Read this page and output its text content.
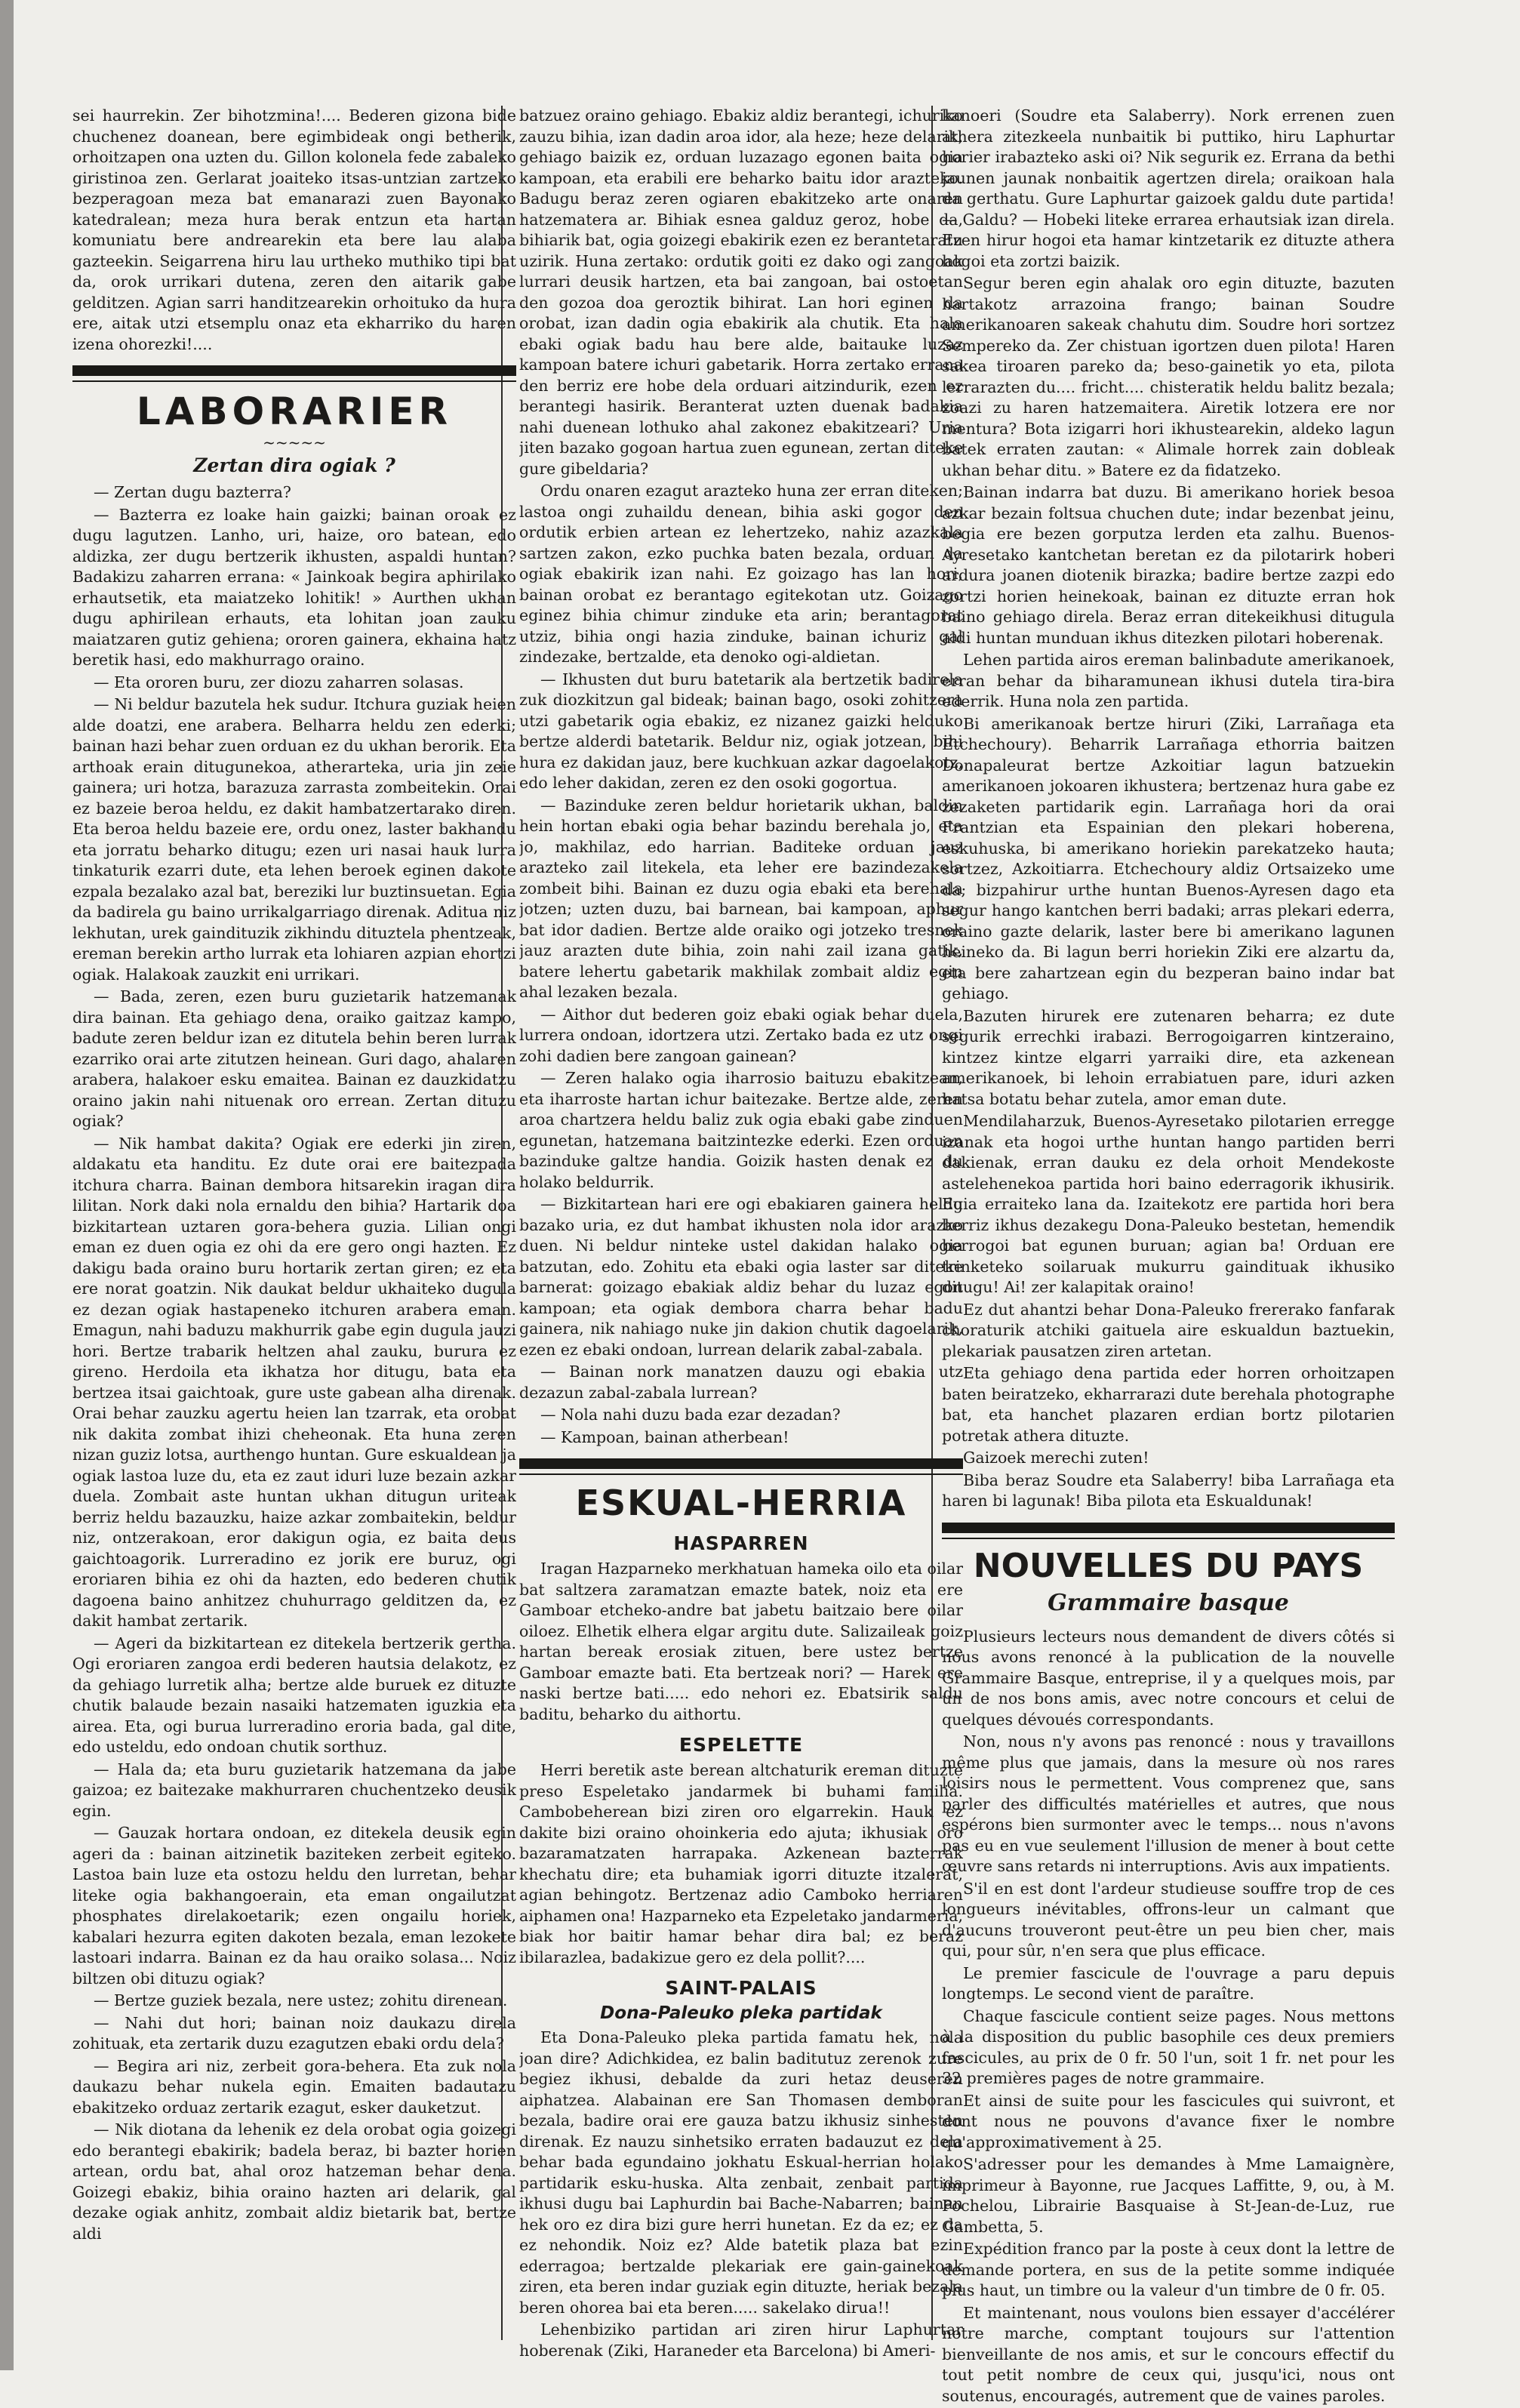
sei haurrekin. Zer bihotzmina!.... Bederen gizona bide chuchenez doanean, bere egimbideak ongi betherik, orhoitzapen ona uzten du. Gillon kolonela fede zabaleko giristinoa zen. Gerlarat joaiteko itsas-untzian zartzeko bezperagoan meza bat emanarazi zuen Bayonako katedralean; meza hura berak entzun eta hartan komuniatu bere andrearekin eta bere lau alaba gazteekin. Seigarrena hiru lau urtheko muthiko tipi bat da, orok urrikari dutena, zeren den aitarik gabe gelditzen. Agian sarri handitzearekin orhoituko da hura ere, aitak utzi etsemplu onaz eta ekharriko du haren izena ohorezki!....

LABORARIER
~~~~~
Zertan dira ogiak ?

— Zertan dugu bazterra?

— Bazterra ez loake hain gaizki; bainan oroak ez dugu lagutzen. Lanho, uri, haize, oro batean, edo aldizka, zer dugu bertzerik ikhusten, aspaldi huntan? Badakizu zaharren errana: « Jainkoak begira aphirilako erhautsetik, eta maiatzeko lohitik! » Aurthen ukhan dugu aphirilean erhauts, eta lohitan joan zauku maiatzaren gutiz gehiena; ororen gainera, ekhaina hatz beretik hasi, edo makhurrago oraino.

— Eta ororen buru, zer diozu zaharren solasas.

— Ni beldur bazutela hek sudur. Itchura guziak heien alde doatzi, ene arabera. Belharra heldu zen ederki; bainan hazi behar zuen orduan ez du ukhan berorik. Eta arthoak erain ditugunekoa, atherarteka, uria jin zeie gainera; uri hotza, barazuza zarrasta zombeitekin. Orai ez bazeie beroa heldu, ez dakit hambatzertarako diren. Eta beroa heldu bazeie ere, ordu onez, laster bakhandu eta jorratu beharko ditugu; ezen uri nasai hauk lurra tinkaturik ezarri dute, eta lehen beroek eginen dakote ezpala bezalako azal bat, bereziki lur buztinsuetan. Egia da badirela gu baino urrikalgarriago direnak. Aditua niz lekhutan, urek gaindituzik zikhindu dituztela phentzeak, ereman berekin artho lurrak eta lohiaren azpian ehortzi ogiak. Halakoak zauzkit eni urrikari.

— Bada, zeren, ezen buru guzietarik hatzemanak dira bainan. Eta gehiago dena, oraiko gaitzaz kampo, badute zeren beldur izan ez ditutela behin beren lurrak ezarriko orai arte zitutzen heinean. Guri dago, ahalaren arabera, halakoer esku emaitea. Bainan ez dauzkidatzu oraino jakin nahi nituenak oro errean. Zertan dituzu ogiak?

— Nik hambat dakita? Ogiak ere ederki jin ziren, aldakatu eta handitu. Ez dute orai ere baitezpada itchura charra. Bainan dembora hitsarekin iragan dira lilitan. Nork daki nola ernaldu den bihia? Hartarik doa bizkitartean uztaren gora-behera guzia. Lilian ongi eman ez duen ogia ez ohi da ere gero ongi hazten. Ez dakigu bada oraino buru hortarik zertan giren; ez eta ere norat goatzin. Nik daukat beldur ukhaiteko dugula ez dezan ogiak hastapeneko itchuren arabera eman. Emagun, nahi baduzu makhurrik gabe egin dugula jauzi hori. Bertze trabarik heltzen ahal zauku, burura ez gireno. Herdoila eta ikhatza hor ditugu, bata eta bertzea itsai gaichtoak, gure uste gabean alha direnak. Orai behar zauzku agertu heien lan tzarrak, eta orobat nik dakita zombat ihizi cheheonak. Eta huna zeren nizan guziz lotsa, aurthengo huntan. Gure eskualdean ja ogiak lastoa luze du, eta ez zaut iduri luze bezain azkar duela. Zombait aste huntan ukhan ditugun uriteak berriz heldu bazauzku, haize azkar zombaitekin, beldur niz, ontzerakoan, eror dakigun ogia, ez baita deus gaichtoagorik. Lurreradino ez jorik ere buruz, ogi eroriaren bihia ez ohi da hazten, edo bederen chutik dagoena baino anhitzez chuhurrago gelditzen da, ez dakit hambat zertarik.

— Ageri da bizkitartean ez ditekela bertzerik gertha. Ogi eroriaren zangoa erdi bederen hautsia delakotz, ez da gehiago lurretik alha; bertze alde buruek ez dituzte chutik balaude bezain nasaiki hatzematen iguzkia eta airea. Eta, ogi burua lurreradino eroria bada, gal dite, edo usteldu, edo ondoan chutik sorthuz.

— Hala da; eta buru guzietarik hatzemana da jabe gaizoa; ez baitezake makhurraren chuchentzeko deusik egin.

— Gauzak hortara ondoan, ez ditekela deusik egin ageri da : bainan aitzinetik baziteken zerbeit egiteko. Lastoa bain luze eta ostozu heldu den lurretan, behar liteke ogia bakhangoerain, eta eman ongailutzat phosphates direlakoetarik; ezen ongailu horiek, kabalari hezurra egiten dakoten bezala, eman lezokete lastoari indarra. Bainan ez da hau oraiko solasa... Noiz biltzen obi dituzu ogiak?

— Bertze guziek bezala, nere ustez; zohitu direnean.

— Nahi dut hori; bainan noiz daukazu direla zohituak, eta zertarik duzu ezagutzen ebaki ordu dela?

— Begira ari niz, zerbeit gora-behera. Eta zuk nola daukazu behar nukela egin. Emaiten badautazu ebakitzeko orduaz zertarik ezagut, esker dauketzut.

— Nik diotana da lehenik ez dela orobat ogia goizegi edo berantegi ebakirik; badela beraz, bi bazter horien artean, ordu bat, ahal oroz hatzeman behar dena. Goizegi ebakiz, bihia oraino hazten ari delarik, gal dezake ogiak anhitz, zombait aldiz bietarik bat, bertze aldi

batzuez oraino gehiago. Ebakiz aldiz berantegi, ichuriko zauzu bihia, izan dadin aroa idor, ala heze; heze delarik, gehiago baizik ez, orduan luzazago egonen baita ogia kampoan, eta erabili ere beharko baitu idor arazteko. Badugu beraz zeren ogiaren ebakitzeko arte onaren hatzematera ar. Bihiak esnea galduz geroz, hobe da, bihiarik bat, ogia goizegi ebakirik ezen ez berantetaratu uzirik. Huna zertako: ordutik goiti ez dako ogi zangoak lurrari deusik hartzen, eta bai zangoan, bai ostoetan den gozoa doa geroztik bihirat. Lan hori eginen da orobat, izan dadin ogia ebakirik ala chutik. Eta hala ebaki ogiak badu hau bere alde, baitauke luzaz kampoan batere ichuri gabetarik. Horra zertako errana den berriz ere hobe dela orduari aitzindurik, ezen ez berantegi hasirik. Beranterat uzten duenak badakia nahi duenean lothuko ahal zakonez ebakitzeari? Uria jiten bazako gogoan hartua zuen egunean, zertan diteke gure gibeldaria?

Ordu onaren ezagut arazteko huna zer erran diteken; lastoa ongi zuhaildu denean, bihia aski gogor den ordutik erbien artean ez lehertzeko, nahiz azazkala sartzen zakon, ezko puchka baten bezala, orduan da ogiak ebakirik izan nahi. Ez goizago has lan hori, bainan orobat ez berantago egitekotan utz. Goizago eginez bihia chimur zinduke eta arin; berantagorat utziz, bihia ongi hazia zinduke, bainan ichuriz gal zindezake, bertzalde, eta denoko ogi-aldietan.

— Ikhusten dut buru batetarik ala bertzetik badirela zuk diozkitzun gal bideak; bainan bago, osoki zohitzera utzi gabetarik ogia ebakiz, ez nizanez gaizki helduko bertze alderdi batetarik. Beldur niz, ogiak jotzean, bihi hura ez dakidan jauz, bere kuchkuan azkar dagoelakotz, edo leher dakidan, zeren ez den osoki gogortua.

— Bazinduke zeren beldur horietarik ukhan, baldin hein hortan ebaki ogia behar bazindu berehala jo, eta jo, makhilaz, edo harrian. Baditeke orduan jauz arazteko zail litekela, eta leher ere bazindezakela zombeit bihi. Bainan ez duzu ogia ebaki eta berehala jotzen; uzten duzu, bai barnean, bai kampoan, aphur bat idor dadien. Bertze alde oraiko ogi jotzeko tresnek jauz arazten dute bihia, zoin nahi zail izana gatik, batere lehertu gabetarik makhilak zombait aldiz egin ahal lezaken bezala.

— Aithor dut bederen goiz ebaki ogiak behar duela, lurrera ondoan, idortzera utzi. Zertako bada ez utz ongi zohi dadien bere zangoan gainean?

— Zeren halako ogia iharrosio baituzu ebakitzean, eta iharroste hartan ichur baitezake. Bertze alde, zeren aroa chartzera heldu baliz zuk ogia ebaki gabe zinduen egunetan, hatzemana baitzintezke ederki. Ezen orduan bazinduke galtze handia. Goizik hasten denak ez du holako beldurrik.

— Bizkitartean hari ere ogi ebakiaren gainera heldu bazako uria, ez dut hambat ikhusten nola idor arazko duen. Ni beldur ninteke ustel dakidan halako ogia batzutan, edo. Zohitu eta ebaki ogia laster sar diteke barnerat: goizago ebakiak aldiz behar du luzaz egon kampoan; eta ogiak dembora charra behar badu gainera, nik nahiago nuke jin dakion chutik dagoelarik, ezen ez ebaki ondoan, lurrean delarik zabal-zabala.

— Bainan nork manatzen dauzu ogi ebakia utz dezazun zabal-zabala lurrean?

— Nola nahi duzu bada ezar dezadan?

— Kampoan, bainan atherbean!

ESKUAL-HERRIA
HASPARREN

Iragan Hazparneko merkhatuan hameka oilo eta oilar bat saltzera zaramatzan emazte batek, noiz eta ere Gamboar etcheko-andre bat jabetu baitzaio bere oilar oiloez. Elhetik elhera elgar argitu dute. Salizaileak goiz hartan bereak erosiak zituen, bere ustez bertze Gamboar emazte bati. Eta bertzeak nori? — Harek ere naski bertze bati..... edo nehori ez. Ebatsirik saldu baditu, beharko du aithortu.

ESPELETTE

Herri beretik aste berean altchaturik ereman dituzte preso Espeletako jandarmek bi buhami familia. Cambobeherean bizi ziren oro elgarrekin. Hauk ez dakite bizi oraino ohoinkeria edo ajuta; ikhusiak oro bazaramatzaten harrapaka. Azkenean bazterrak khechatu dire; eta buhamiak igorri dituzte itzalerat, agian behingotz. Bertzenaz adio Camboko herriaren aiphamen ona! Hazparneko eta Ezpeletako jandarmeria, biak hor baitir hamar behar dira bal; ez beraz ibilarazlea, badakizue gero ez dela pollit?....

SAINT-PALAIS
Dona-Paleuko pleka partidak

Eta Dona-Paleuko pleka partida famatu hek, nola joan dire? Adichkidea, ez balin baditutuz zerenok zure begiez ikhusi, debalde da zuri hetaz deuseren aiphatzea. Alabainan ere San Thomasen demboran bezala, badire orai ere gauza batzu ikhusiz sinhesten direnak. Ez nauzu sinhetsiko erraten badauzut ez dela behar bada egundaino jokhatu Eskual-herrian holako partidarik esku-huska. Alta zenbait, zenbait partida ikhusi dugu bai Laphurdin bai Bache-Nabarren; bainan hek oro ez dira bizi gure herri hunetan. Ez da ez; ez da ez nehondik. Noiz ez? Alde batetik plaza bat ezin ederragoa; bertzalde plekariak ere gain-gainekoak ziren, eta beren indar guziak egin dituzte, heriak bezala beren ohorea bai eta beren..... sakelako dirua!!

Lehenbiziko partidan ari ziren hirur Laphurtar hoberenak (Ziki, Haraneder eta Barcelona) bi Ameri-

kanoeri (Soudre eta Salaberry). Nork errenen zuen athera zitezkeela nunbaitik bi puttiko, hiru Laphurtar horier irabazteko aski oi? Nik segurik ez. Errana da bethi jaunen jaunak nonbaitik agertzen direla; oraikoan hala da gerthatu. Gure Laphurtar gaizoek galdu dute partida! — Galdu? — Hobeki liteke errarea erhautsiak izan direla. Ezen hirur hogoi eta hamar kintzetarik ez dituzte athera hogoi eta zortzi baizik.

Segur beren egin ahalak oro egin dituzte, bazuten hartakotz arrazoina frango; bainan Soudre amerikanoaren sakeak chahutu dim. Soudre hori sortzez Sempereko da. Zer chistuan igortzen duen pilota! Haren sakea tiroaren pareko da; beso-gainetik yo eta, pilota lerrarazten du.... fricht.... chisteratik heldu balitz bezala; zoazi zu haren hatzemaitera. Airetik lotzera ere nor mentura? Bota izigarri hori ikhustearekin, aldeko lagun batek erraten zautan: « Alimale horrek zain dobleak ukhan behar ditu. » Batere ez da fidatzeko.

Bainan indarra bat duzu. Bi amerikano horiek besoa azkar bezain foltsua chuchen dute; indar bezenbat jeinu, begia ere bezen gorputza lerden eta zalhu. Buenos-Ayresetako kantchetan beretan ez da pilotarirk hoberi ardura joanen diotenik birazka; badire bertze zazpi edo zortzi horien heinekoak, bainan ez dituzte erran hok baino gehiago direla. Beraz erran ditekeikhusi ditugula aldi huntan munduan ikhus ditezken pilotari hoberenak.

Lehen partida airos ereman balinbadute amerikanoek, erran behar da biharamunean ikhusi dutela tira-bira ederrik. Huna nola zen partida.

Bi amerikanoak bertze hiruri (Ziki, Larrañaga eta Etchechoury). Beharrik Larrañaga ethorria baitzen Donapaleurat bertze Azkoitiar lagun batzuekin amerikanoen jokoaren ikhustera; bertzenaz hura gabe ez zezaketen partidarik egin. Larrañaga hori da orai Frantzian eta Espainian den plekari hoberena, eskuhuska, bi amerikano horiekin parekatzeko hauta; sortzez, Azkoitiarra. Etchechoury aldiz Ortsaizeko ume da; bizpahirur urthe huntan Buenos-Ayresen dago eta segur hango kantchen berri badaki; arras plekari ederra, oraino gazte delarik, laster bere bi amerikano lagunen heineko da. Bi lagun berri horiekin Ziki ere alzartu da, eta bere zahartzean egin du bezperan baino indar bat gehiago.

Bazuten hirurek ere zutenaren beharra; ez dute segurik errechki irabazi. Berrogoigarren kintzeraino, kintzez kintze elgarri yarraiki dire, eta azkenean amerikanoek, bi lehoin errabiatuen pare, iduri azken hatsa botatu behar zutela, amor eman dute.

Mendilaharzuk, Buenos-Ayresetako pilotarien erregge izanak eta hogoi urthe huntan hango partiden berri dakienak, erran dauku ez dela orhoit Mendekoste astelehenekoa partida hori baino ederragorik ikhusirik. Egia erraiteko lana da. Izaitekotz ere partida hori bera berriz ikhus dezakegu Dona-Paleuko bestetan, hemendik berrogoi bat egunen buruan; agian ba! Orduan ere trinketeko soilaruak mukurru gaindituak ikhusiko ditugu! Ai! zer kalapitak oraino!

Ez dut ahantzi behar Dona-Paleuko frererako fanfarak choraturik atchiki gaituela aire eskualdun baztuekin, plekariak pausatzen ziren artetan.

Eta gehiago dena partida eder horren orhoitzapen baten beiratzeko, ekharrarazi dute berehala photographe bat, eta hanchet plazaren erdian bortz pilotarien potretak athera dituzte.

Gaizoek merechi zuten!

Biba beraz Soudre eta Salaberry! biba Larrañaga eta haren bi lagunak! Biba pilota eta Eskualdunak!

NOUVELLES DU PAYS
Grammaire basque

Plusieurs lecteurs nous demandent de divers côtés si nous avons renoncé à la publication de la nouvelle Grammaire Basque, entreprise, il y a quelques mois, par un de nos bons amis, avec notre concours et celui de quelques dévoués correspondants.

Non, nous n'y avons pas renoncé : nous y travaillons même plus que jamais, dans la mesure où nos rares loisirs nous le permettent. Vous comprenez que, sans parler des difficultés matérielles et autres, que nous espérons bien surmonter avec le temps... nous n'avons pas eu en vue seulement l'illusion de mener à bout cette œuvre sans retards ni interruptions. Avis aux impatients.

S'il en est dont l'ardeur studieuse souffre trop de ces longueurs inévitables, offrons-leur un calmant que d'aucuns trouveront peut-être un peu bien cher, mais qui, pour sûr, n'en sera que plus efficace.

Le premier fascicule de l'ouvrage a paru depuis longtemps. Le second vient de paraître.

Chaque fascicule contient seize pages. Nous mettons à la disposition du public basophile ces deux premiers fascicules, au prix de 0 fr. 50 l'un, soit 1 fr. net pour les 32 premières pages de notre grammaire.

Et ainsi de suite pour les fascicules qui suivront, et dont nous ne pouvons d'avance fixer le nombre qu'approximativement à 25.

S'adresser pour les demandes à Mme Lamaignère, imprimeur à Bayonne, rue Jacques Laffitte, 9, ou, à M. Pochelou, Librairie Basquaise à St-Jean-de-Luz, rue Gambetta, 5.

Expédition franco par la poste à ceux dont la lettre de demande portera, en sus de la petite somme indiquée plus haut, un timbre ou la valeur d'un timbre de 0 fr. 05.

Et maintenant, nous voulons bien essayer d'accélérer notre marche, comptant toujours sur l'attention bienveillante de nos amis, et sur le concours effectif du tout petit nombre de ceux qui, jusqu'ici, nous ont soutenus, encouragés, autrement que de vaines paroles.
